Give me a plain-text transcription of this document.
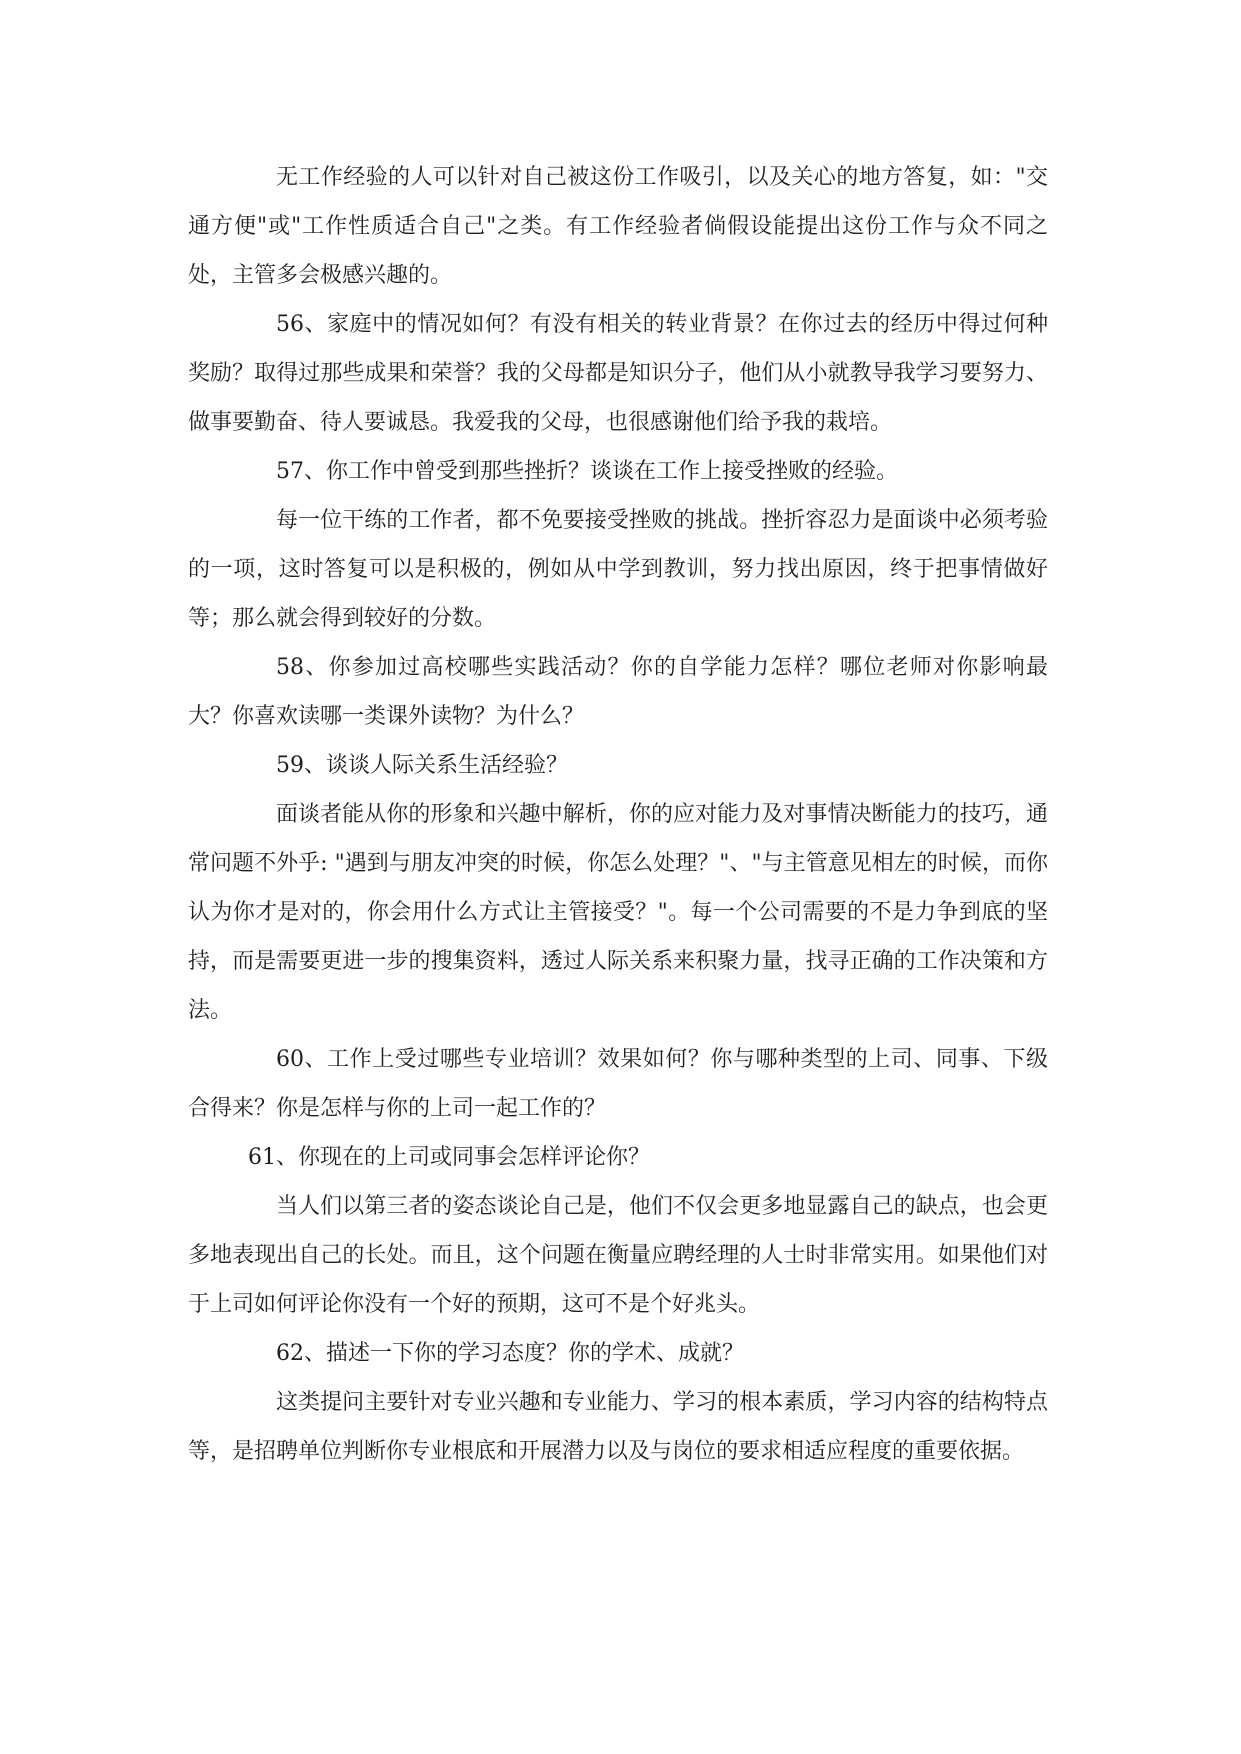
无工作经验的人可以针对自己被这份工作吸引，以及关心的地方答复，如："交通方便"或"工作性质适合自己"之类。有工作经验者倘假设能提出这份工作与众不同之处，主管多会极感兴趣的。

56、家庭中的情况如何？有没有相关的转业背景？在你过去的经历中得过何种奖励？取得过那些成果和荣誉？我的父母都是知识分子，他们从小就教导我学习要努力、做事要勤奋、待人要诚恳。我爱我的父母，也很感谢他们给予我的栽培。

57、你工作中曾受到那些挫折？谈谈在工作上接受挫败的经验。

每一位干练的工作者，都不免要接受挫败的挑战。挫折容忍力是面谈中必须考验的一项，这时答复可以是积极的，例如从中学到教训，努力找出原因，终于把事情做好等；那么就会得到较好的分数。

58、你参加过高校哪些实践活动？你的自学能力怎样？哪位老师对你影响最大？你喜欢读哪一类课外读物？为什么？

59、谈谈人际关系生活经验？

面谈者能从你的形象和兴趣中解析，你的应对能力及对事情决断能力的技巧，通常问题不外乎: "遇到与朋友冲突的时候，你怎么处理？"、"与主管意见相左的时候，而你认为你才是对的，你会用什么方式让主管接受？"。每一个公司需要的不是力争到底的坚持，而是需要更进一步的搜集资料，透过人际关系来积聚力量，找寻正确的工作决策和方法。

60、工作上受过哪些专业培训？效果如何？你与哪种类型的上司、同事、下级合得来？你是怎样与你的上司一起工作的？

61、你现在的上司或同事会怎样评论你？

当人们以第三者的姿态谈论自己是，他们不仅会更多地显露自己的缺点，也会更多地表现出自己的长处。而且，这个问题在衡量应聘经理的人士时非常实用。如果他们对于上司如何评论你没有一个好的预期，这可不是个好兆头。

62、描述一下你的学习态度？你的学术、成就？

这类提问主要针对专业兴趣和专业能力、学习的根本素质，学习内容的结构特点等，是招聘单位判断你专业根底和开展潜力以及与岗位的要求相适应程度的重要依据。
